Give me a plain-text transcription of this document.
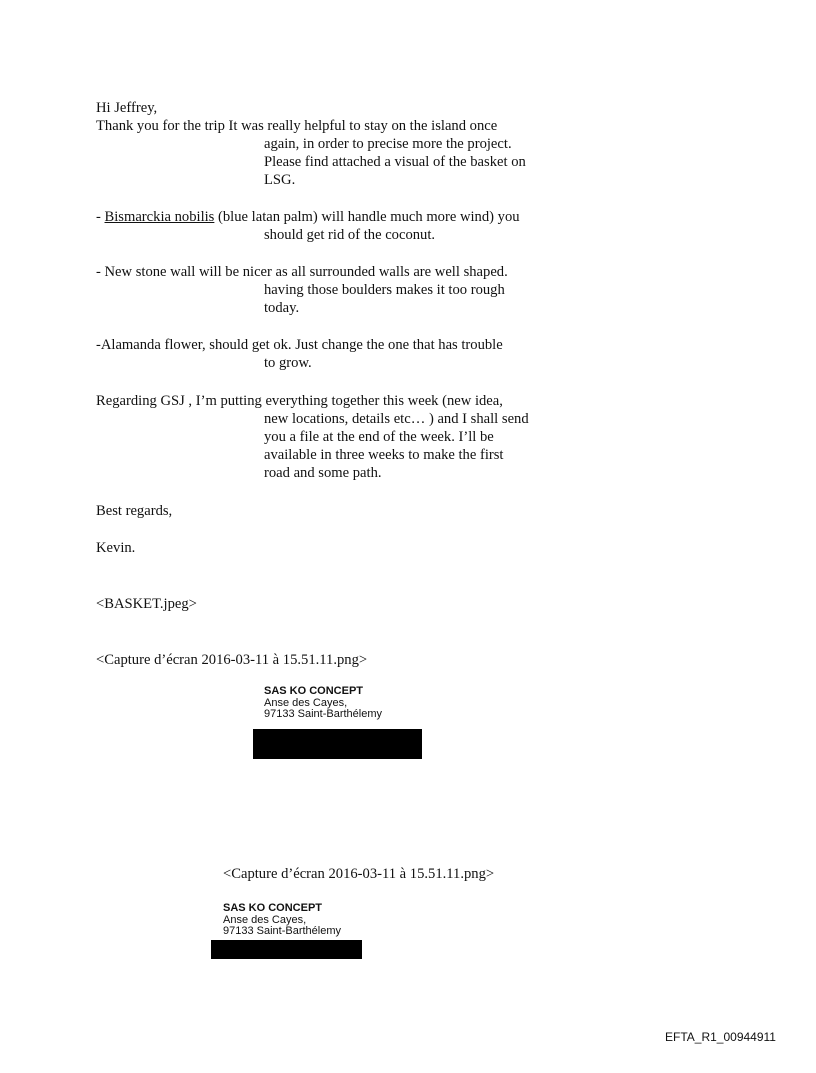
Hi Jeffrey,
Thank you for the trip It was really helpful to stay on the island once
again, in order to precise more the project.
Please find attached a visual of the basket on
LSG.
- Bismarckia nobilis (blue latan palm) will handle much more wind) you
should get rid of the coconut.
- New stone wall will be nicer as all surrounded walls are well shaped.
having those boulders makes it too rough
today.
-Alamanda flower, should get ok. Just change the one that has trouble
to grow.
Regarding GSJ , I’m putting everything together this week (new idea,
new locations, details etc… ) and I shall send
you a file at the end of the week. I’ll be
available in three weeks to make the first
road and some path.
Best regards,
Kevin.
<BASKET.jpeg>
<Capture d’écran 2016-03-11 à 15.51.11.png>
SAS KO CONCEPT
Anse des Cayes,
97133 Saint-Barthélemy
<Capture d’écran 2016-03-11 à 15.51.11.png>
SAS KO CONCEPT
Anse des Cayes,
97133 Saint-Barthélemy
EFTA_R1_00944911
